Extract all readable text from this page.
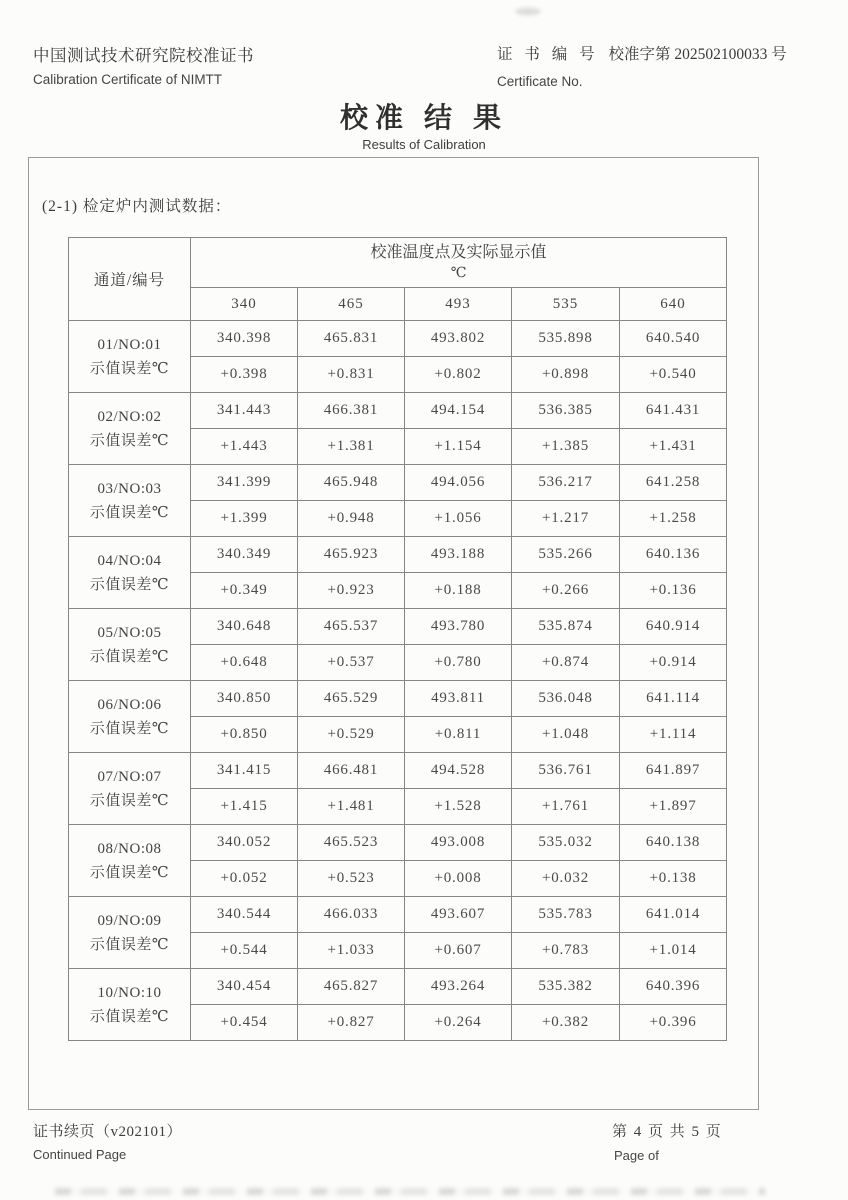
中国测试技术研究院校准证书
Calibration Certificate of NIMTT
证 书 编 号 校准字第 202502100033 号
Certificate No.
校准 结 果
Results of Calibration
(2-1) 检定炉内测试数据：
通道/编号	校准温度点及实际显示值
℃				

	340	465	493	535	640

01/NO:01
示值误差℃	340.398	465.831	493.802	535.898	640.540
	+0.398	+0.831	+0.802	+0.898	+0.540

02/NO:02
示值误差℃	341.443	466.381	494.154	536.385	641.431
	+1.443	+1.381	+1.154	+1.385	+1.431

03/NO:03
示值误差℃	341.399	465.948	494.056	536.217	641.258
	+1.399	+0.948	+1.056	+1.217	+1.258

04/NO:04
示值误差℃	340.349	465.923	493.188	535.266	640.136
	+0.349	+0.923	+0.188	+0.266	+0.136

05/NO:05
示值误差℃	340.648	465.537	493.780	535.874	640.914
	+0.648	+0.537	+0.780	+0.874	+0.914

06/NO:06
示值误差℃	340.850	465.529	493.811	536.048	641.114
	+0.850	+0.529	+0.811	+1.048	+1.114

07/NO:07
示值误差℃	341.415	466.481	494.528	536.761	641.897
	+1.415	+1.481	+1.528	+1.761	+1.897

08/NO:08
示值误差℃	340.052	465.523	493.008	535.032	640.138
	+0.052	+0.523	+0.008	+0.032	+0.138

09/NO:09
示值误差℃	340.544	466.033	493.607	535.783	641.014
	+0.544	+1.033	+0.607	+0.783	+1.014

10/NO:10
示值误差℃	340.454	465.827	493.264	535.382	640.396
	+0.454	+0.827	+0.264	+0.382	+0.396
证书续页（v202101）
Continued Page
第 4 页 共 5 页
Page of
